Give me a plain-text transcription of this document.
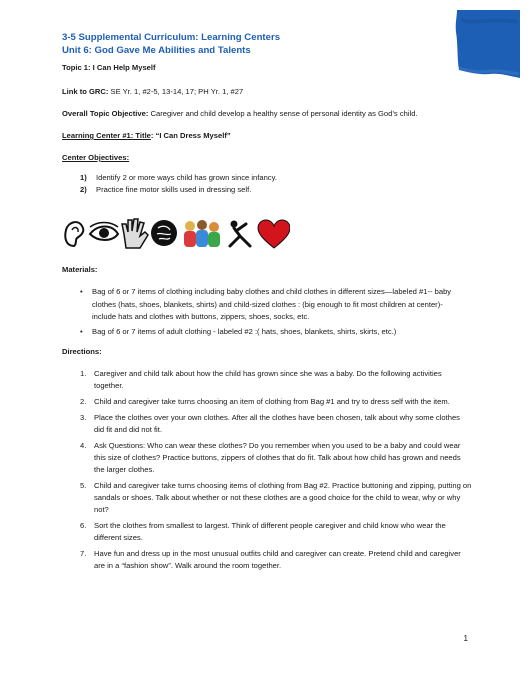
3-5 Supplemental Curriculum: Learning Centers
Unit 6: God Gave Me Abilities and Talents
Topic 1: I Can Help Myself
Link to GRC: SE Yr. 1, #2-5, 13-14, 17; PH Yr. 1, #27
Overall Topic Objective: Caregiver and child develop a healthy sense of personal identity as God’s child.
Learning Center #1: Title: “I Can Dress Myself”
Center Objectives:
1) Identify 2 or more ways child has grown since infancy.
2) Practice fine motor skills used in dressing self.
Materials:
• Bag of 6 or 7 items of clothing including baby clothes and child clothes in different sizes—labeled #1-- baby clothes (hats, shoes, blankets, shirts) and child-sized clothes : (big enough to fit most children at center)- include hats and clothes with buttons, zippers, shoes, socks, etc.
• Bag of 6 or 7 items of adult clothing - labeled #2 :( hats, shoes, blankets, shirts, skirts, etc.)
Directions:
1. Caregiver and child talk about how the child has grown since she was a baby. Do the following activities together.
2. Child and caregiver take turns choosing an item of clothing from Bag #1 and try to dress self with the item.
3. Place the clothes over your own clothes. After all the clothes have been chosen, talk about why some clothes did fit and did not fit.
4. Ask Questions: Who can wear these clothes? Do you remember when you used to be a baby and could wear this size of clothes? Practice buttons, zippers of clothes that do fit. Talk about how child has grown and needs the larger clothes.
5. Child and caregiver take turns choosing items of clothing from Bag #2. Practice buttoning and zipping, putting on sandals or shoes. Talk about whether or not these clothes are a good choice for the child to wear, why or why not?
6. Sort the clothes from smallest to largest. Think of different people caregiver and child know who wear the different sizes.
7. Have fun and dress up in the most unusual outfits child and caregiver can create. Pretend child and caregiver are in a “fashion show”. Walk around the room together.
1
